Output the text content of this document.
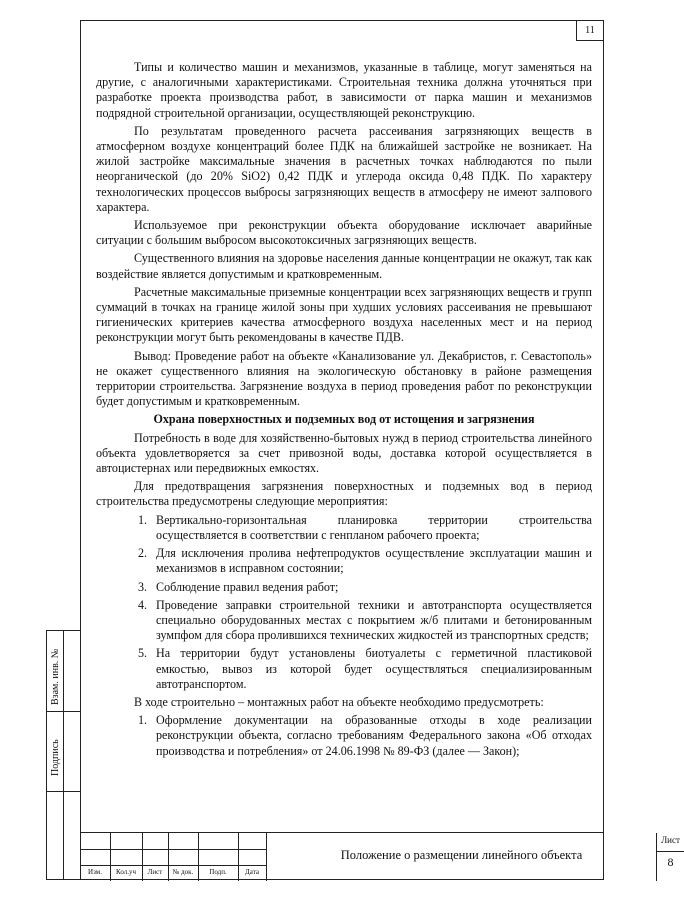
11

Типы и количество машин и механизмов, указанные в таблице, могут заменяться на другие, с аналогичными характеристиками. Строительная техника должна уточняться при разработке проекта производства работ, в зависимости от парка машин и механизмов подрядной строительной организации, осуществляющей реконструкцию.

По результатам проведенного расчета рассеивания загрязняющих веществ в атмосферном воздухе концентраций более ПДК на ближайшей застройке не возникает. На жилой застройке максимальные значения в расчетных точках наблюдаются по пыли неорганической (до 20% SiO2) 0,42 ПДК и углерода оксида 0,48 ПДК. По характеру технологических процессов выбросы загрязняющих веществ в атмосферу не имеют залпового характера.

Используемое при реконструкции объекта оборудование исключает аварийные ситуации с большим выбросом высокотоксичных загрязняющих веществ.

Существенного влияния на здоровье населения данные концентрации не окажут, так как воздействие является допустимым и кратковременным.

Расчетные максимальные приземные концентрации всех загрязняющих веществ и групп суммаций в точках на границе жилой зоны при худших условиях рассеивания не превышают гигиенических критериев качества атмосферного воздуха населенных мест и на период реконструкции могут быть рекомендованы в качестве ПДВ.

Вывод: Проведение работ на объекте «Канализование ул. Декабристов, г. Севастополь» не окажет существенного влияния на экологическую обстановку в районе размещения территории строительства. Загрязнение воздуха в период проведения работ по реконструкции будет допустимым и кратковременным.

Охрана поверхностных и подземных вод от истощения и загрязнения

Потребность в воде для хозяйственно-бытовых нужд в период строительства линейного объекта удовлетворяется за счет привозной воды, доставка которой осуществляется в автоцистернах или передвижных емкостях.

Для предотвращения загрязнения поверхностных и подземных вод в период строительства предусмотрены следующие мероприятия:

1. Вертикально-горизонтальная планировка территории строительства осуществляется в соответствии с генпланом рабочего проекта;
2. Для исключения пролива нефтепродуктов осуществление эксплуатации машин и механизмов в исправном состоянии;
3. Соблюдение правил ведения работ;
4. Проведение заправки строительной техники и автотранспорта осуществляется специально оборудованных местах с покрытием ж/б плитами и бетонированным зумпфом для сбора пролившихся технических жидкостей из транспортных средств;
5. На территории будут установлены биотуалеты с герметичной пластиковой емкостью, вывоз из которой будет осуществляться специализированным автотранспортом.

В ходе строительно – монтажных работ на объекте необходимо предусмотреть:

1. Оформление документации на образованные отходы в ходе реализации реконструкции объекта, согласно требованиям Федерального закона «Об отходах производства и потребления» от 24.06.1998 № 89-ФЗ (далее — Закон);
Взам. инв. №
Подпись
Изм.	Кол.уч	Лист	№ док.	Подп.	Дата
Положение о размещении линейного объекта
Лист
8
